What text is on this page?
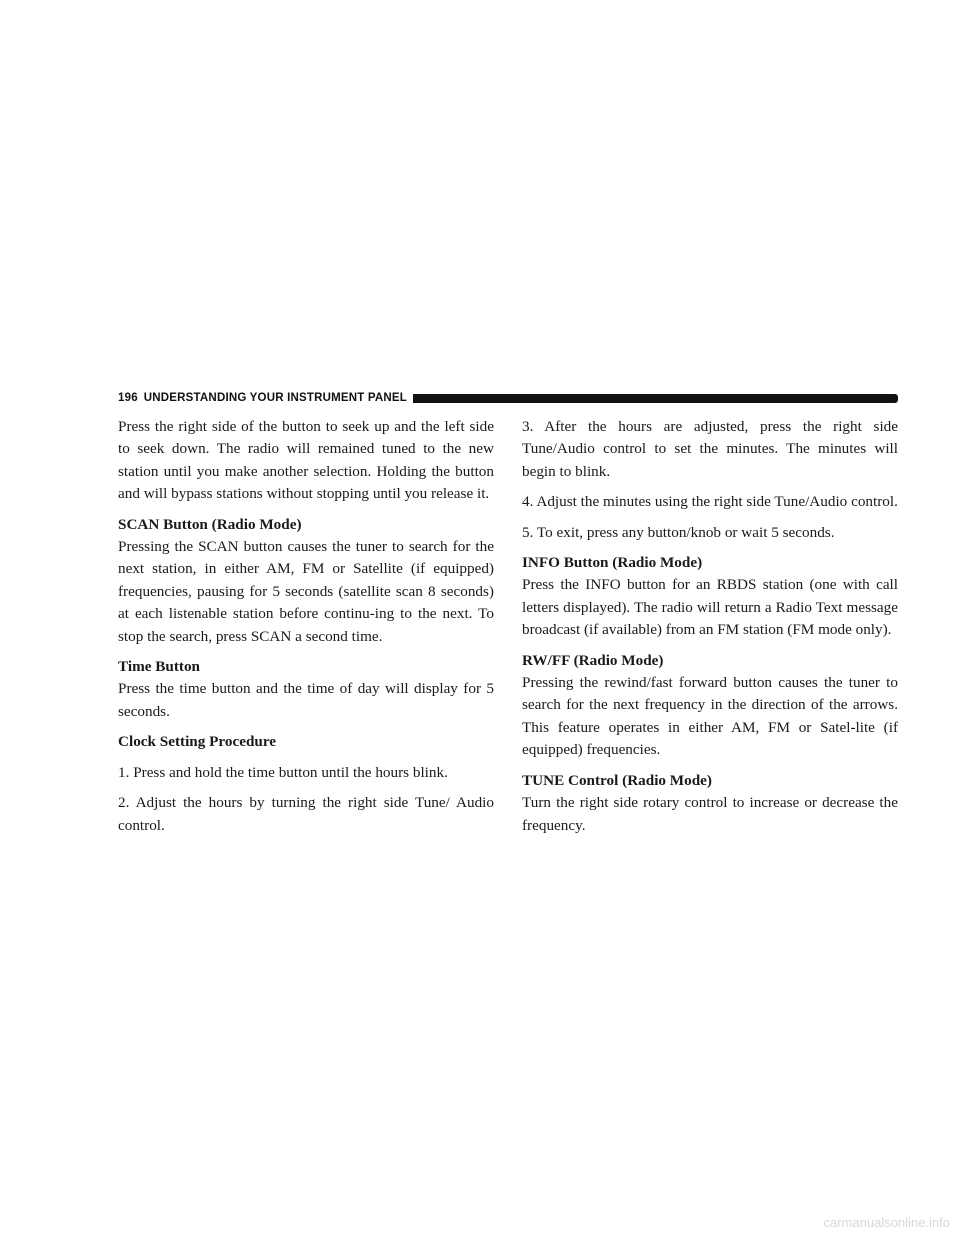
196 UNDERSTANDING YOUR INSTRUMENT PANEL

Press the right side of the button to seek up and the left side to seek down. The radio will remained tuned to the new station until you make another selection. Holding the button and will bypass stations without stopping until you release it.

SCAN Button (Radio Mode)

Pressing the SCAN button causes the tuner to search for the next station, in either AM, FM or Satellite (if equipped) frequencies, pausing for 5 seconds (satellite scan 8 seconds) at each listenable station before continu-ing to the next. To stop the search, press SCAN a second time.

Time Button

Press the time button and the time of day will display for 5 seconds.

Clock Setting Procedure

1. Press and hold the time button until the hours blink.

2. Adjust the hours by turning the right side Tune/ Audio control.

3. After the hours are adjusted, press the right side Tune/Audio control to set the minutes. The minutes will begin to blink.

4. Adjust the minutes using the right side Tune/Audio control.

5. To exit, press any button/knob or wait 5 seconds.

INFO Button (Radio Mode)

Press the INFO button for an RBDS station (one with call letters displayed). The radio will return a Radio Text message broadcast (if available) from an FM station (FM mode only).

RW/FF (Radio Mode)

Pressing the rewind/fast forward button causes the tuner to search for the next frequency in the direction of the arrows. This feature operates in either AM, FM or Satel-lite (if equipped) frequencies.

TUNE Control (Radio Mode)

Turn the right side rotary control to increase or decrease the frequency.

carmanualsonline.info
